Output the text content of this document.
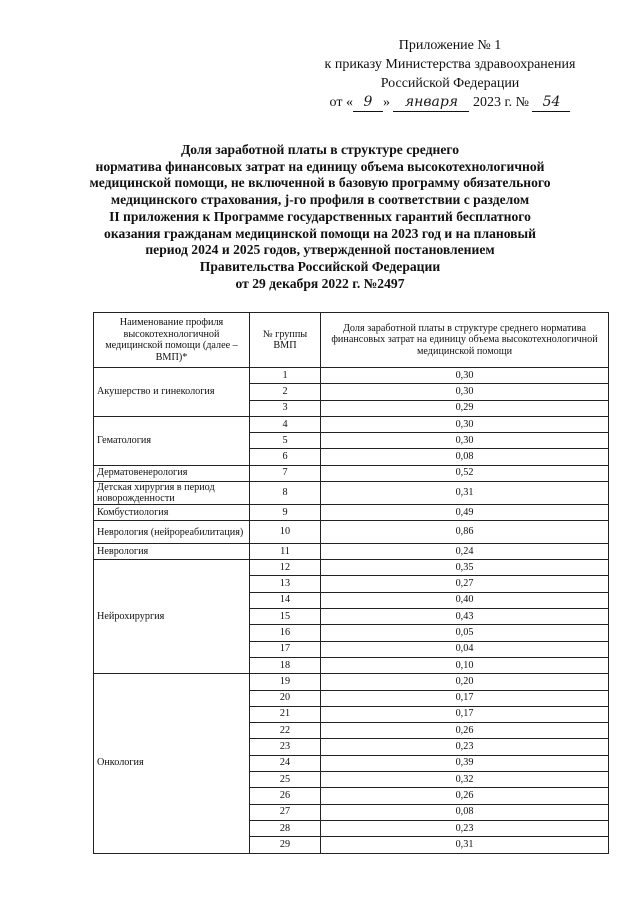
Приложение № 1
к приказу Министерства здравоохранения
Российской Федерации
от « 9 » января 2023 г. № 54
Доля заработной платы в структуре среднего
норматива финансовых затрат на единицу объема высокотехнологичной
медицинской помощи, не включенной в базовую программу обязательного
медицинского страхования, j-го профиля в соответствии с разделом
II приложения к Программе государственных гарантий бесплатного
оказания гражданам медицинской помощи на 2023 год и на плановый
период 2024 и 2025 годов, утвержденной постановлением
Правительства Российской Федерации
от 29 декабря 2022 г. №2497
Наименование профиля высокотехнологичной медицинской помощи (далее – ВМП)*	№ группы ВМП	Доля заработной платы в структуре среднего норматива финансовых затрат на единицу объема высокотехнологичной медицинской помощи
Акушерство и гинекология	1	0,30
	2	0,30
	3	0,29
Гематология	4	0,30
	5	0,30
	6	0,08
Дерматовенерология	7	0,52
Детская хирургия в период новорожденности	8	0,31
Комбустиология	9	0,49
Неврология (нейрореабилитация)	10	0,86
Неврология	11	0,24
Нейрохирургия	12	0,35
	13	0,27
	14	0,40
	15	0,43
	16	0,05
	17	0,04
	18	0,10
Онкология	19	0,20
	20	0,17
	21	0,17
	22	0,26
	23	0,23
	24	0,39
	25	0,32
	26	0,26
	27	0,08
	28	0,23
	29	0,31
